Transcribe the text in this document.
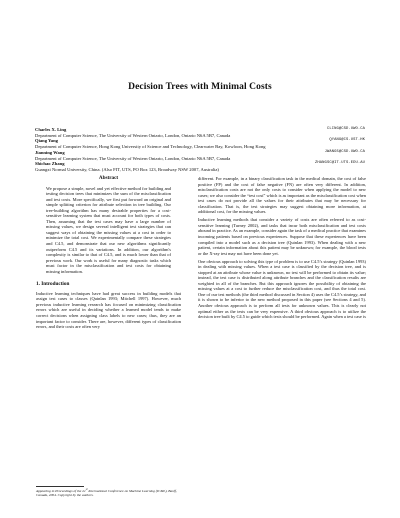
Decision Trees with Minimal Costs
Charles X. Ling	CLING@CSD.UWO.CA
Department of Computer Science, The University of Western Ontario, London, Ontario N6A 5B7, Canada
Qiang Yang	QYANG@CS.UST.HK
Department of Computer Science, Hong Kong University of Science and Technology, Clearwater Bay, Kowloon, Hong Kong
Jianning Wang	JWANG5@CSD.UWO.CA
Department of Computer Science, The University of Western Ontario, London, Ontario N6A 5B7, Canada
Shichao Zhang	ZHANGSC@IT.UTS.EDU.AU
Guangxi Normal University, China. (Also FIT, UTS, PO Box 123, Broadway NSW 2007, Australia)
Abstract

We propose a simple, novel and yet effective method for building and testing decision trees that minimizes the sum of the misclassification and test costs. More specifically, we first put forward an original and simple splitting criterion for attribute selection in tree building. Our tree-building algorithm has many desirable properties for a cost-sensitive learning system that must account for both types of costs. Then, assuming that the test cases may have a large number of missing values, we design several intelligent test strategies that can suggest ways of obtaining the missing values at a cost in order to minimize the total cost. We experimentally compare these strategies and C4.5, and demonstrate that our new algorithms significantly outperform C4.5 and its variations. In addition, our algorithm's complexity is similar to that of C4.5, and is much lower than that of previous work. Our work is useful for many diagnostic tasks which must factor in the misclassification and test costs for obtaining missing information.

1. Introduction

Inductive learning techniques have had great success in building models that assign test cases to classes (Quinlan 1993; Mitchell 1997). However, much previous inductive learning research has focused on minimizing classification errors which are useful in deciding whether a learned model tends to make correct decisions when assigning class labels to new cases; thus, they are an important factor to consider. There are, however, different types of classification errors, and their costs are often very

different. For example, in a binary classification task in the medical domain, the cost of false positive (FP) and the cost of false negative (FN) are often very different. In addition, misclassification costs are not the only costs to consider when applying the model to new cases; we also consider the “test cost” which is as important as the misclassification cost when test cases do not provide all the values for their attributes that may be necessary for classification. That is, the test strategies may suggest obtaining more information, at additional cost, for the missing values.

Inductive learning methods that consider a variety of costs are often referred to as cost-sensitive learning (Turney 2002), and tasks that incur both misclassification and test costs abound in practice. As an example, consider again the task of a medical practice that examines incoming patients based on previous experiences. Suppose that these experiences have been compiled into a model such as a decision tree (Quinlan 1993). When dealing with a new patient, certain information about this patient may be unknown; for example, the blood tests or the X-ray test may not have been done yet.

One obvious approach to solving this type of problem is to use C4.5’s strategy (Quinlan 1993) in dealing with missing values. When a test case is classified by the decision tree, and is stopped at an attribute whose value is unknown, no test will be performed to obtain its value; instead, the test case is distributed along attribute branches and the classification results are weighted in all of the branches. But this approach ignores the possibility of obtaining the missing values at a cost to further reduce the misclassification cost, and thus the total cost. One of our test methods (the third method discussed in Section 4) uses the C4.5’s strategy, and it is shown to be inferior to the new method proposed in this paper (see Sections 4 and 5). Another obvious approach is to perform all tests for unknown values. This is clearly not optimal either as the tests can be very expensive. A third obvious approach is to utilize the decision tree built by C4.5 to guide which tests should be performed. Again when a test case is

Appearing in Proceedings of the 21st International Conference on Machine Learning (ICML), Banff, Canada, 2004. Copyright by the authors.
